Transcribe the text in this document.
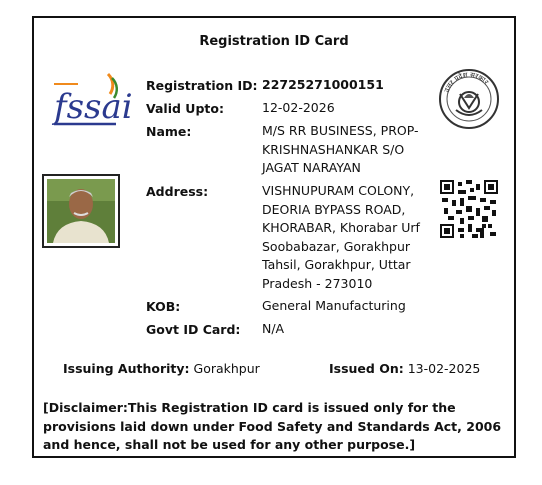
Registration ID Card
fssai	उत्तर प्रदेश सरकार
Registration ID: 22725271000151
Valid Upto:	12-02-2026
Name:	M/S RR BUSINESS, PROP-KRISHNASHANKAR S/O JAGAT NARAYAN
Address:	VISHNUPURAM COLONY, DEORIA BYPASS ROAD, KHORABAR, Khorabar Urf Soobabazar, Gorakhpur Tahsil, Gorakhpur, Uttar Pradesh - 273010
KOB:	General Manufacturing
Govt ID Card: N/A
Issuing Authority: Gorakhpur	Issued On: 13-02-2025
[Disclaimer:This Registration ID card is issued only for the provisions laid down under Food Safety and Standards Act, 2006 and hence, shall not be used for any other purpose.]
